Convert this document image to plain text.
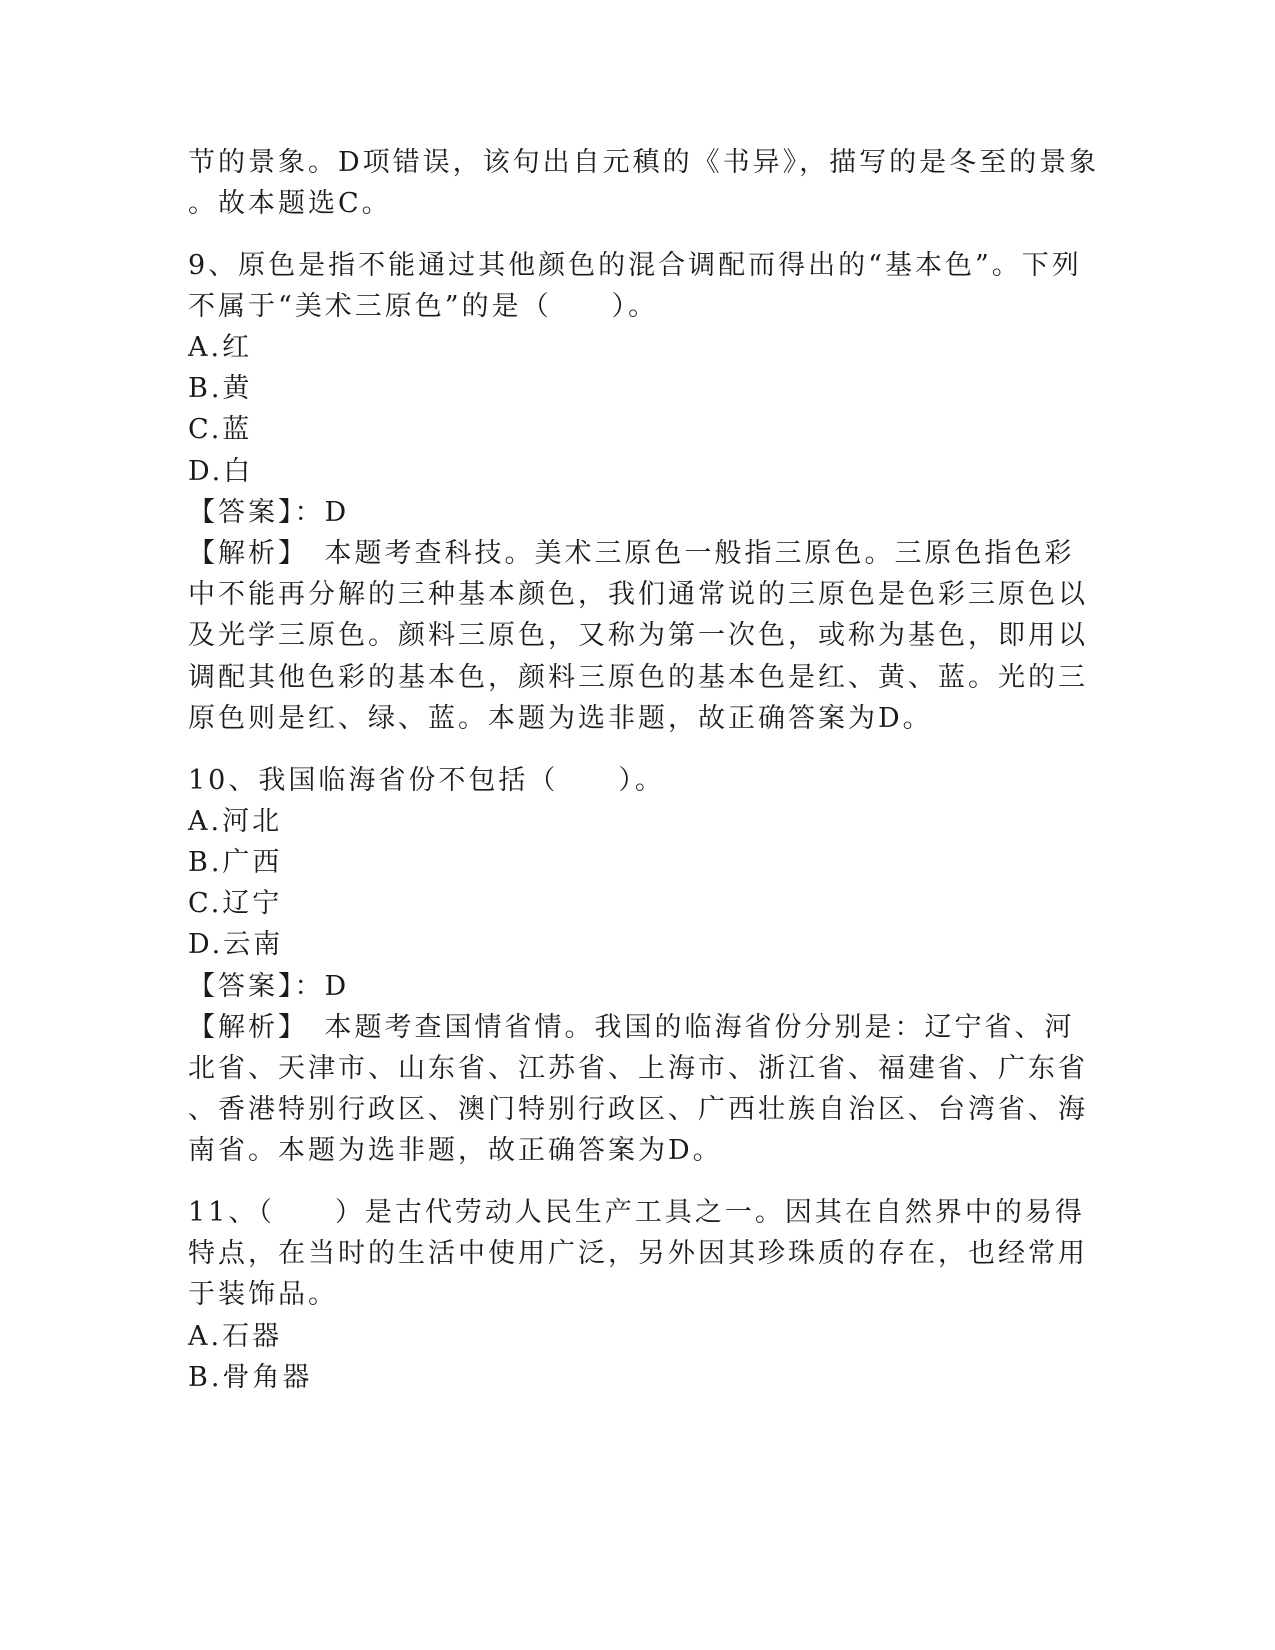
节的景象。D项错误，该句出自元稹的《书异》，描写的是冬至的景象
。故本题选C。
9、原色是指不能通过其他颜色的混合调配而得出的“基本色”。下列
不属于“美术三原色”的是（　　）。
A.红
B.黄
C.蓝
D.白
【答案】：D
【解析】　本题考查科技。美术三原色一般指三原色。三原色指色彩
中不能再分解的三种基本颜色，我们通常说的三原色是色彩三原色以
及光学三原色。颜料三原色，又称为第一次色，或称为基色，即用以
调配其他色彩的基本色，颜料三原色的基本色是红、黄、蓝。光的三
原色则是红、绿、蓝。本题为选非题，故正确答案为D。
10、我国临海省份不包括（　　）。
A.河北
B.广西
C.辽宁
D.云南
【答案】：D
【解析】　本题考查国情省情。我国的临海省份分别是：辽宁省、河
北省、天津市、山东省、江苏省、上海市、浙江省、福建省、广东省
、香港特别行政区、澳门特别行政区、广西壮族自治区、台湾省、海
南省。本题为选非题，故正确答案为D。
11、（　　）是古代劳动人民生产工具之一。因其在自然界中的易得
特点，在当时的生活中使用广泛，另外因其珍珠质的存在，也经常用
于装饰品。
A.石器
B.骨角器
